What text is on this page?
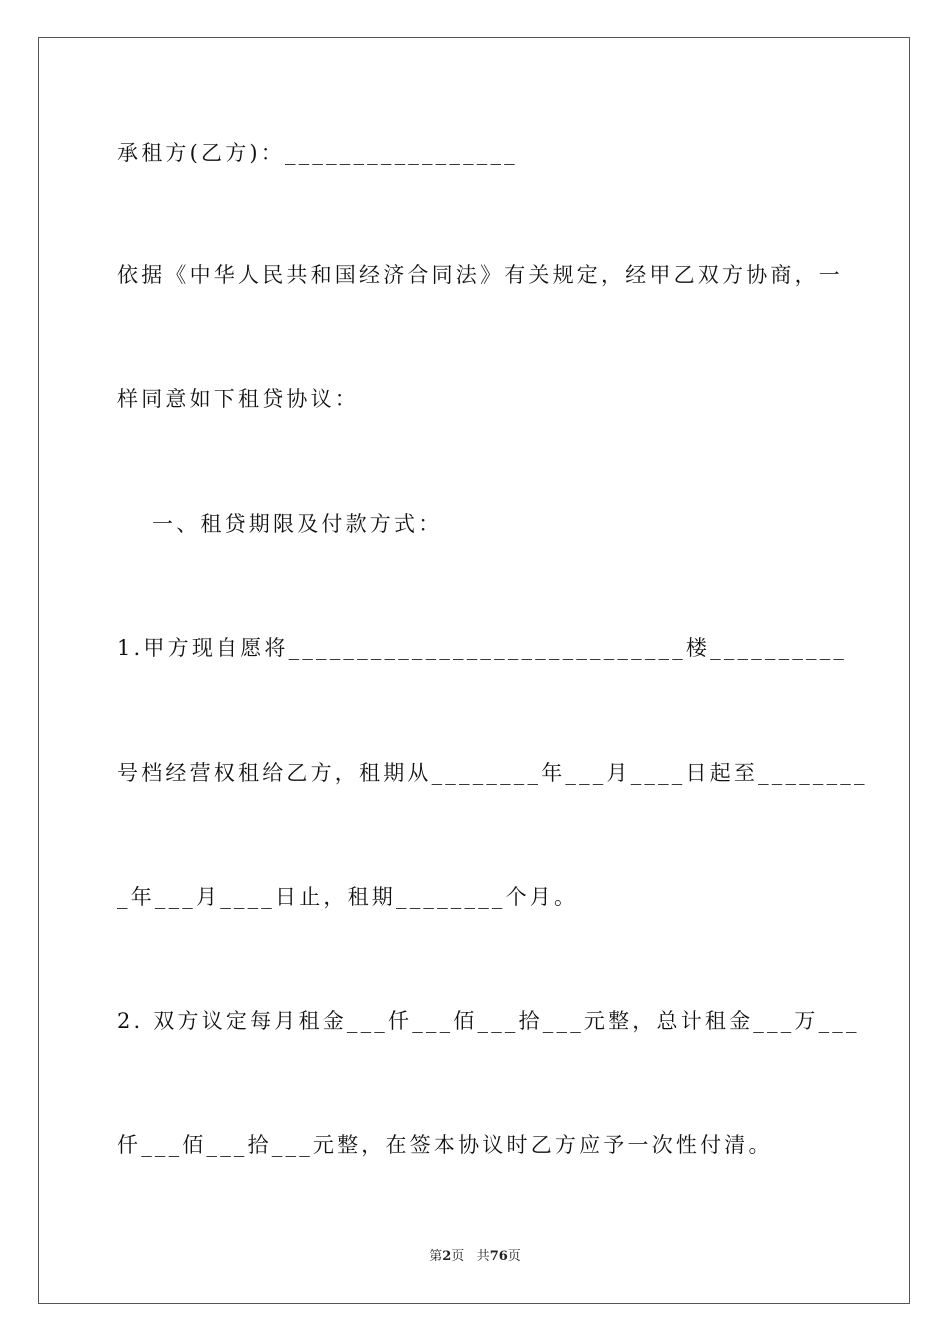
承租方(乙方)：_________________
依据《中华人民共和国经济合同法》有关规定，经甲乙双方协商，一
样同意如下租贷协议：
一、租贷期限及付款方式：
1.甲方现自愿将_____________________________楼__________
号档经营权租给乙方，租期从________年___月____日起至________
_年___月____日止，租期________个月。
2. 双方议定每月租金___仟___佰___拾___元整，总计租金___万___
仟___佰___拾___元整，在签本协议时乙方应予一次性付清。
第2页 共76页
